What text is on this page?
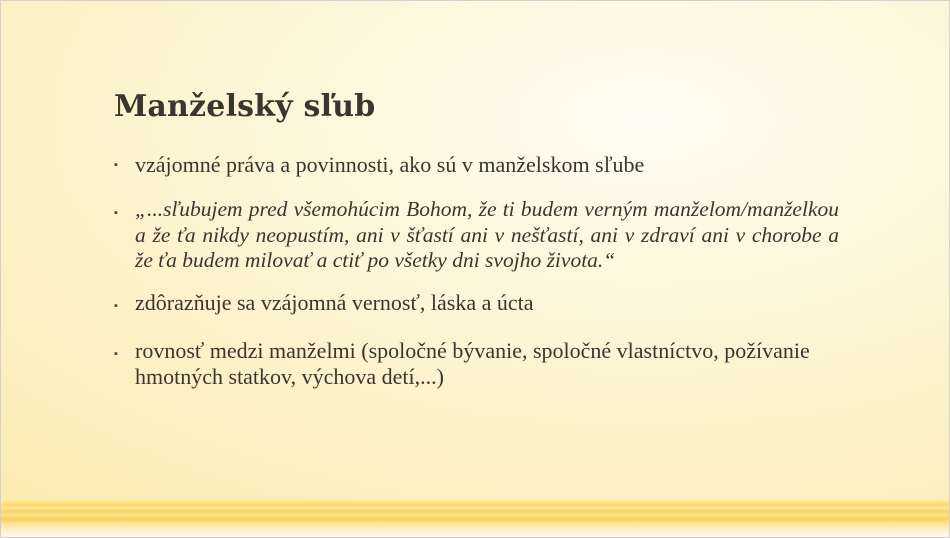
Manželský sľub
▪ vzájomné práva a povinnosti, ako sú v manželskom sľube
▪ „...sľubujem pred všemohúcim Bohom, že ti budem verným manželom/manželkou a že ťa nikdy neopustím, ani v šťastí ani v nešťastí, ani v zdraví ani v chorobe a že ťa budem milovať a ctiť po všetky dni svojho života.“
▪ zdôrazňuje sa vzájomná vernosť, láska a úcta
▪ rovnosť medzi manželmi (spoločné bývanie, spoločné vlastníctvo, požívanie hmotných statkov, výchova detí,...)
